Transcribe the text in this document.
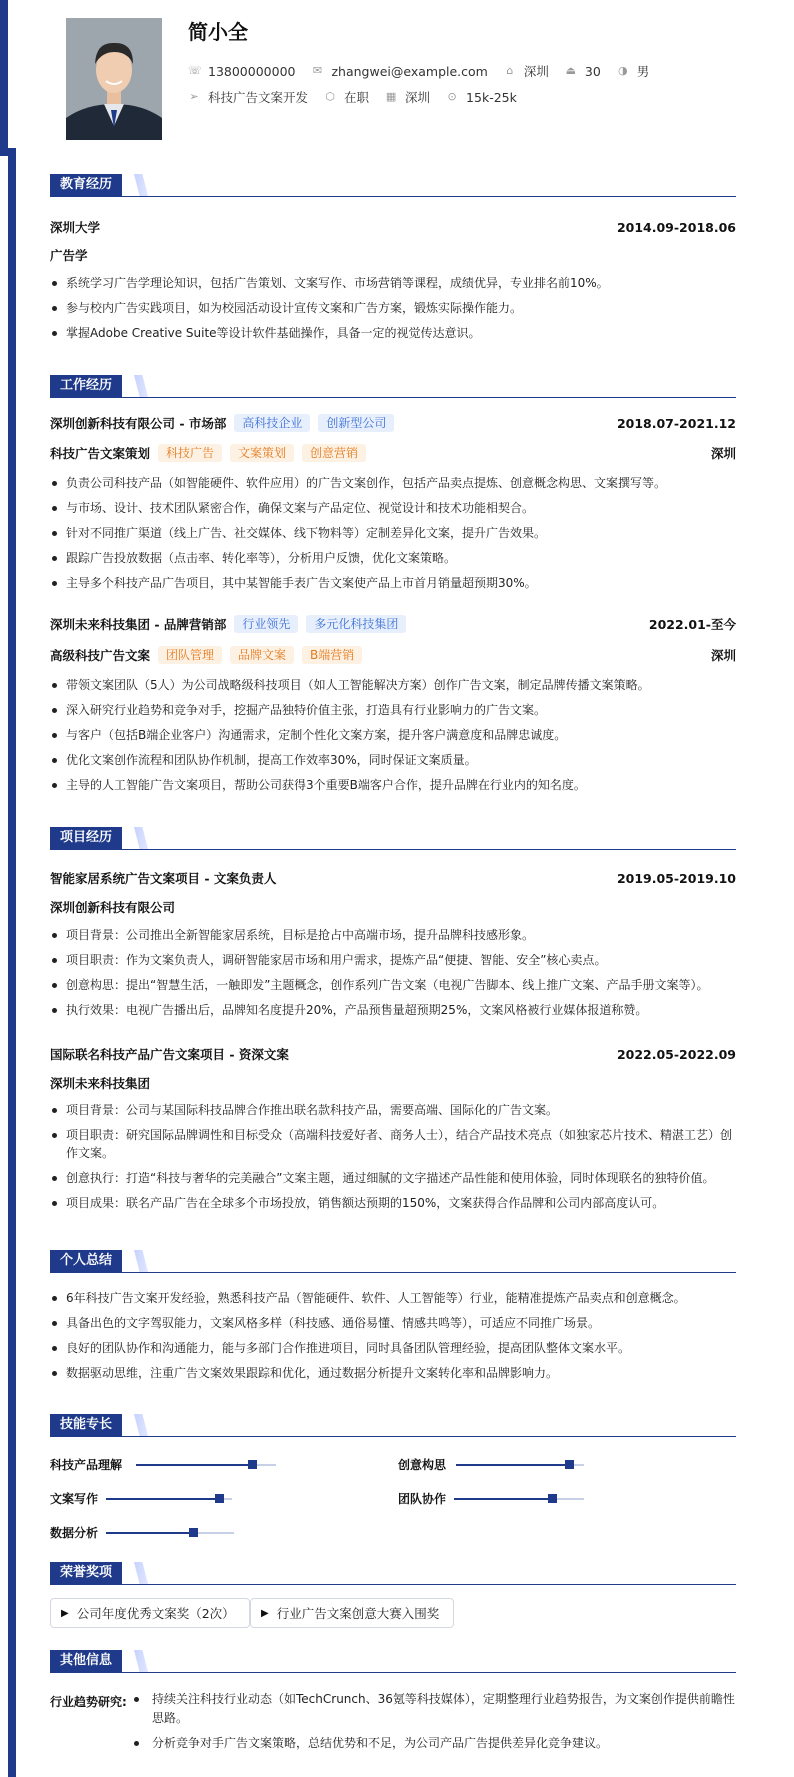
简小全
☏ 13800000000 ✉ zhangwei@example.com ⌂ 深圳 ⏏ 30 ◑ 男
➢ 科技广告文案开发 ⬡ 在职 ▦ 深圳 ⊙ 15k-25k
教育经历
深圳大学	2014.09-2018.06
广告学
系统学习广告学理论知识，包括广告策划、文案写作、市场营销等课程，成绩优异，专业排名前10%。
参与校内广告实践项目，如为校园活动设计宣传文案和广告方案，锻炼实际操作能力。
掌握Adobe Creative Suite等设计软件基础操作，具备一定的视觉传达意识。
工作经历
深圳创新科技有限公司 - 市场部	高科技企业	创新型公司	2018.07-2021.12
科技广告文案策划	科技广告	文案策划	创意营销	深圳
负责公司科技产品（如智能硬件、软件应用）的广告文案创作，包括产品卖点提炼、创意概念构思、文案撰写等。
与市场、设计、技术团队紧密合作，确保文案与产品定位、视觉设计和技术功能相契合。
针对不同推广渠道（线上广告、社交媒体、线下物料等）定制差异化文案，提升广告效果。
跟踪广告投放数据（点击率、转化率等），分析用户反馈，优化文案策略。
主导多个科技产品广告项目，其中某智能手表广告文案使产品上市首月销量超预期30%。
深圳未来科技集团 - 品牌营销部	行业领先	多元化科技集团	2022.01-至今
高级科技广告文案	团队管理	品牌文案	B端营销	深圳
带领文案团队（5人）为公司战略级科技项目（如人工智能解决方案）创作广告文案，制定品牌传播文案策略。
深入研究行业趋势和竞争对手，挖掘产品独特价值主张，打造具有行业影响力的广告文案。
与客户（包括B端企业客户）沟通需求，定制个性化文案方案，提升客户满意度和品牌忠诚度。
优化文案创作流程和团队协作机制，提高工作效率30%，同时保证文案质量。
主导的人工智能广告文案项目，帮助公司获得3个重要B端客户合作，提升品牌在行业内的知名度。
项目经历
智能家居系统广告文案项目 - 文案负责人	2019.05-2019.10
深圳创新科技有限公司
项目背景：公司推出全新智能家居系统，目标是抢占中高端市场，提升品牌科技感形象。
项目职责：作为文案负责人，调研智能家居市场和用户需求，提炼产品“便捷、智能、安全”核心卖点。
创意构思：提出“智慧生活，一触即发”主题概念，创作系列广告文案（电视广告脚本、线上推广文案、产品手册文案等）。
执行效果：电视广告播出后，品牌知名度提升20%，产品预售量超预期25%，文案风格被行业媒体报道称赞。
国际联名科技产品广告文案项目 - 资深文案	2022.05-2022.09
深圳未来科技集团
项目背景：公司与某国际科技品牌合作推出联名款科技产品，需要高端、国际化的广告文案。
项目职责：研究国际品牌调性和目标受众（高端科技爱好者、商务人士），结合产品技术亮点（如独家芯片技术、精湛工艺）创作文案。
创意执行：打造“科技与奢华的完美融合”文案主题，通过细腻的文字描述产品性能和使用体验，同时体现联名的独特价值。
项目成果：联名产品广告在全球多个市场投放，销售额达预期的150%，文案获得合作品牌和公司内部高度认可。
个人总结
6年科技广告文案开发经验，熟悉科技产品（智能硬件、软件、人工智能等）行业，能精准提炼产品卖点和创意概念。
具备出色的文字驾驭能力，文案风格多样（科技感、通俗易懂、情感共鸣等），可适应不同推广场景。
良好的团队协作和沟通能力，能与多部门合作推进项目，同时具备团队管理经验，提高团队整体文案水平。
数据驱动思维，注重广告文案效果跟踪和优化，通过数据分析提升文案转化率和品牌影响力。
技能专长
科技产品理解	创意构思
文案写作	团队协作
数据分析
荣誉奖项
▶ 公司年度优秀文案奖（2次）	▶ 行业广告文案创意大赛入围奖
其他信息
行业趋势研究:	持续关注科技行业动态（如TechCrunch、36氪等科技媒体），定期整理行业趋势报告，为文案创作提供前瞻性思路。
分析竞争对手广告文案策略，总结优势和不足，为公司产品广告提供差异化竞争建议。
